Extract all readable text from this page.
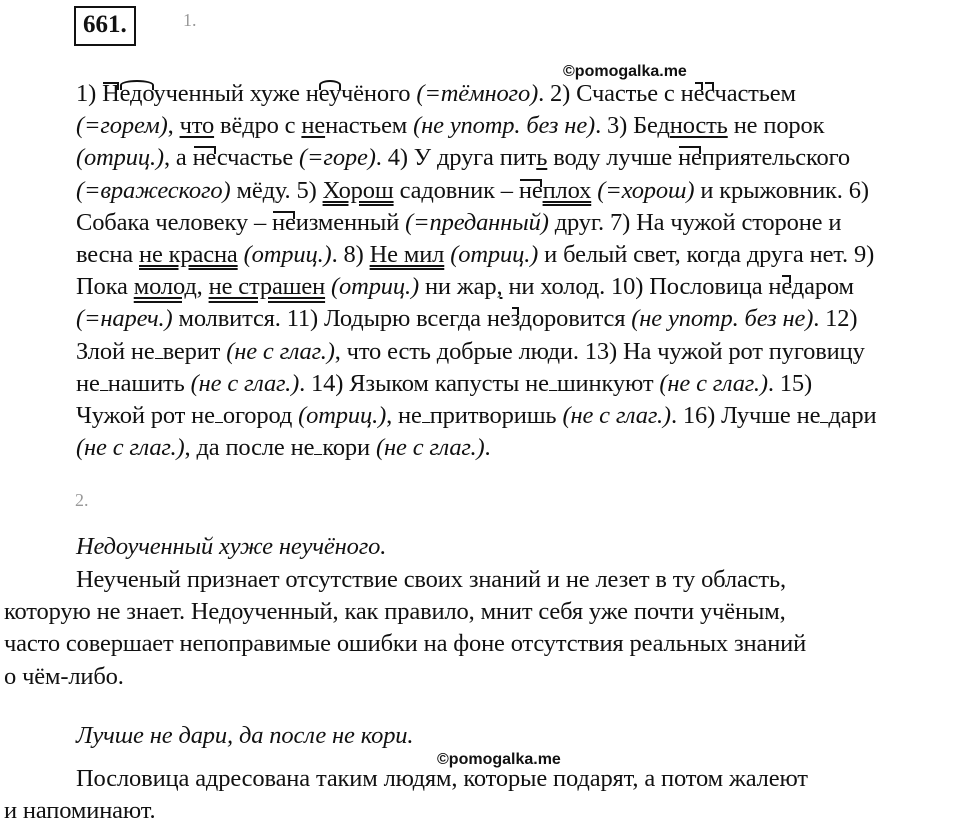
661.	1.
©pomogalka.me
1) Недоученный хуже неучёного (=тёмного). 2) Счастье с несчастьем
(=горем), что вёдро с ненастьем (не употр. без не). 3) Бедность не порок
(отриц.), а несчастье (=горе). 4) У друга пить воду лучше неприятельского
(=вражеского) мёду. 5) Хорош садовник – неплох (=хорош) и крыжовник. 6)
Собака человеку – неизменный (=преданный) друг. 7) На чужой стороне и
весна не красна (отриц.). 8) Не мил (отриц.) и белый свет, когда друга нет. 9)
Пока молод, не страшен (отриц.) ни жар, ни холод. 10) Пословица недаром
(=нареч.) молвится. 11) Лодырю всегда нездоровится (не употр. без не). 12)
Злой не верит (не с глаг.), что есть добрые люди. 13) На чужой рот пуговицу
не нашить (не с глаг.). 14) Языком капусты не шинкуют (не с глаг.). 15)
Чужой рот не огород (отриц.), не притворишь (не с глаг.). 16) Лучше не дари
(не с глаг.), да после не кори (не с глаг.).
2.
Недоученный хуже неучёного.
Неученый признает отсутствие своих знаний и не лезет в ту область,
которую не знает. Недоученный, как правило, мнит себя уже почти учёным,
часто совершает непоправимые ошибки на фоне отсутствия реальных знаний
о чём-либо.
Лучше не дари, да после не кори.
©pomogalka.me
Пословица адресована таким людям, которые подарят, а потом жалеют
и напоминают.
